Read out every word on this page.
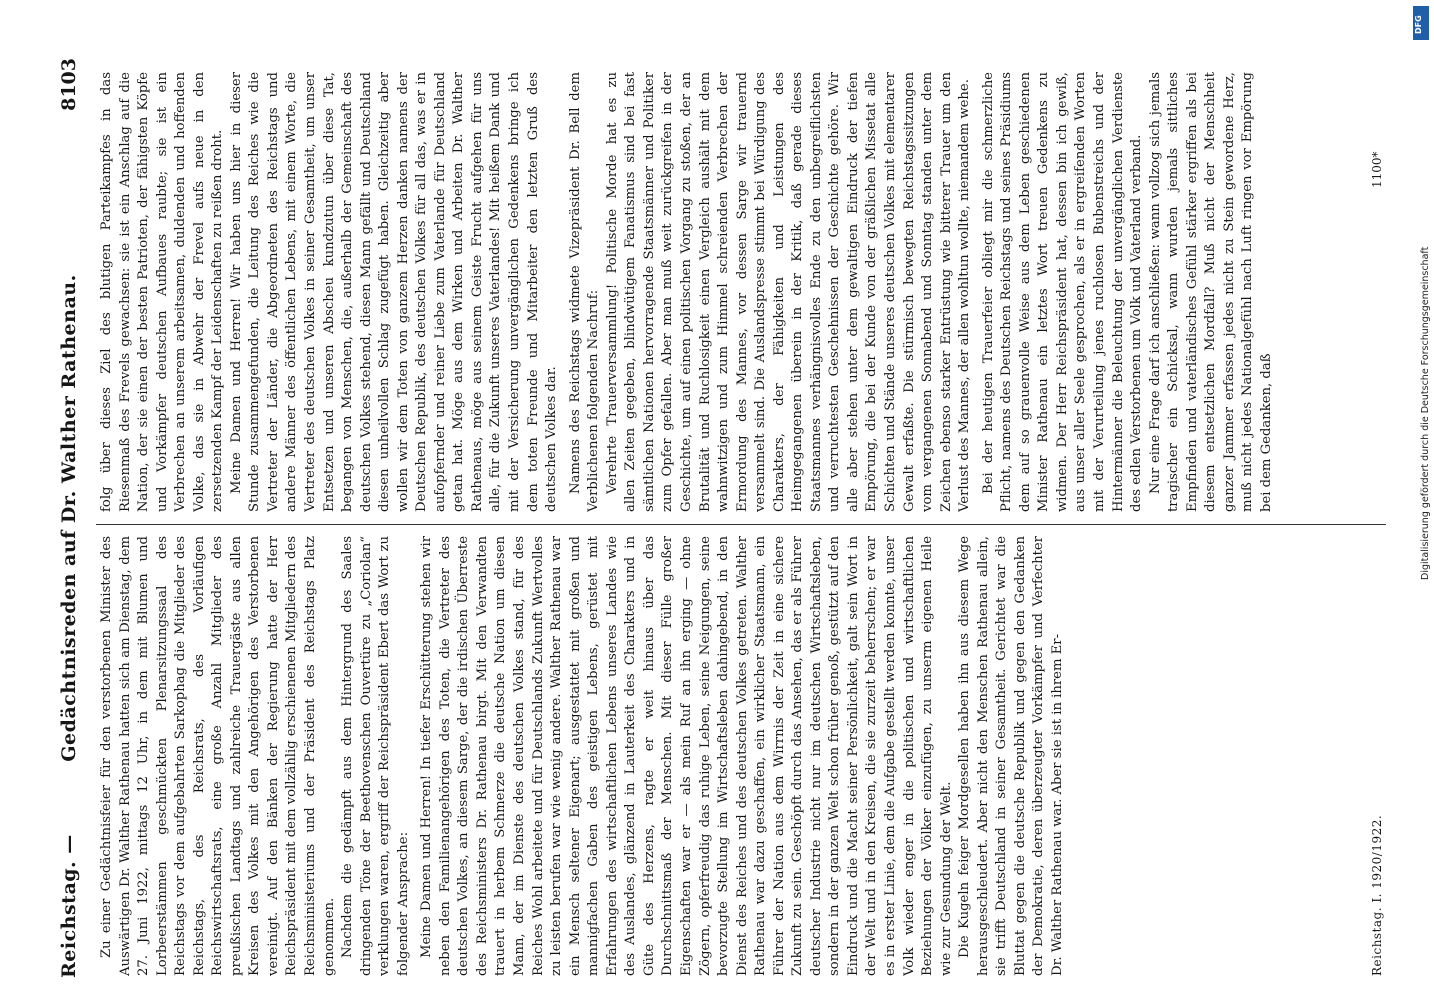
Reichstag. —
Gedächtnisreden auf Dr. Walther Rathenau.
8103

Zu einer Gedächtnisfeier für den verstorbenen Minister des Auswärtigen Dr. Walther Rathenau hatten sich am Dienstag, dem 27. Juni 1922, mittags 12 Uhr, in dem mit Blumen und Lorbeerstämmen geschmückten Plenarsitzungssaal des Reichstags vor dem aufgebahrten Sarkophag die Mitglieder des Reichstags, des Reichsrats, des Vorläufigen Reichswirtschaftsrats, eine große Anzahl Mitglieder des preußischen Landtags und zahlreiche Trauergäste aus allen Kreisen des Volkes mit den Angehörigen des Verstorbenen vereinigt. Auf den Bänken der Regierung hatte der Herr Reichspräsident mit dem vollzählig erschienenen Mitgliedern des Reichsministeriums und der Präsident des Reichstags Platz genommen. Nachdem die gedämpft aus dem Hintergrund des Saales dringenden Töne der Beethovenschen Ouvertüre zu „Coriolan“ verklungen waren, ergriff der Reichspräsident Ebert das Wort zu folgender Ansprache: Meine Damen und Herren! In tiefer Erschütterung stehen wir neben den Familienangehörigen des Toten, die Vertreter des deutschen Volkes, an diesem Sarge, der die irdischen Überreste des Reichsministers Dr. Rathenau birgt. Mit den Verwandten trauert in herbem Schmerze die deutsche Nation um diesen Mann, der im Dienste des deutschen Volkes stand, für des Reiches Wohl arbeitete und für Deutschlands Zukunft Wertvolles zu leisten berufen war wie wenig andere. Walther Rathenau war ein Mensch seltener Eigenart; ausgestattet mit großen und mannigfachen Gaben des geistigen Lebens, gerüstet mit Erfahrungen des wirtschaftlichen Lebens unseres Landes wie des Auslandes, glänzend in Lauterkeit des Charakters und in Güte des Herzens, ragte er weit hinaus über das Durchschnittsmaß der Menschen. Mit dieser Fülle großer Eigenschaften war er — als mein Ruf an ihn erging — ohne Zögern, opferfreudig das ruhige Leben, seine Neigungen, seine bevorzugte Stellung im Wirtschaftsleben dahingebend, in den Dienst des Reiches und des deutschen Volkes getreten. Walther Rathenau war dazu geschaffen, ein wirklicher Staatsmann, ein Führer der Nation aus dem Wirrnis der Zeit in eine sichere Zukunft zu sein. Geschöpft durch das Ansehen, das er als Führer deutscher Industrie nicht nur im deutschen Wirtschaftsleben, sondern in der ganzen Welt schon früher genoß, gestützt auf den Eindruck und die Macht seiner Persönlichkeit, galt sein Wort in der Welt und in den Kreisen, die sie zurzeit beherrschen; er war es in erster Linie, dem die Aufgabe gestellt werden konnte, unser Volk wieder enger in die politischen und wirtschaftlichen Beziehungen der Völker einzufügen, zu unserm eigenen Heile wie zur Gesundung der Welt. Die Kugeln feiger Mordgesellen haben ihn aus diesem Wege herausgeschleudert. Aber nicht den Menschen Rathenau allein, sie trifft Deutschland in seiner Gesamtheit. Gerichtet war die Bluttat gegen die deutsche Republik und gegen den Gedanken der Demokratie, deren überzeugter Vorkämpfer und Verfechter Dr. Walther Rathenau war. Aber sie ist in ihrem Er-

folg über dieses Ziel des blutigen Parteikampfes in das Riesenmaß des Frevels gewachsen: sie ist ein Anschlag auf die Nation, der sie einen der besten Patrioten, der fähigsten Köpfe und Vorkämpfer deutschen Aufbaues raubte; sie ist ein Verbrechen an unserem arbeitsamen, duldenden und hoffenden Volke, das sie in Abwehr der Frevel aufs neue in den zersetzenden Kampf der Leidenschaften zu reißen droht. Meine Damen und Herren! Wir haben uns hier in dieser Stunde zusammengefunden, die Leitung des Reiches wie die Vertreter der Länder, die Abgeordneten des Reichstags und andere Männer des öffentlichen Lebens, mit einem Worte, die Vertreter des deutschen Volkes in seiner Gesamtheit, um unser Entsetzen und unseren Abscheu kundzutun über diese Tat, begangen von Menschen, die, außerhalb der Gemeinschaft des deutschen Volkes stehend, diesen Mann gefällt und Deutschland diesen unheilvollen Schlag zugefügt haben. Gleichzeitig aber wollen wir dem Toten von ganzem Herzen danken namens der Deutschen Republik, des deutschen Volkes für all das, was er in aufopfernder und reiner Liebe zum Vaterlande für Deutschland getan hat. Möge aus dem Wirken und Arbeiten Dr. Walther Rathenaus, möge aus seinem Geiste Frucht aufgehen für uns alle, für die Zukunft unseres Vaterlandes! Mit heißem Dank und mit der Versicherung unvergänglichen Gedenkens bringe ich dem toten Freunde und Mitarbeiter den letzten Gruß des deutschen Volkes dar. Namens des Reichstags widmete Vizepräsident Dr. Bell dem Verblichenen folgenden Nachruf: Verehrte Trauerversammlung! Politische Morde hat es zu allen Zeiten gegeben, blindwütigem Fanatismus sind bei fast sämtlichen Nationen hervorragende Staatsmänner und Politiker zum Opfer gefallen. Aber man muß weit zurückgreifen in der Geschichte, um auf einen politischen Vorgang zu stoßen, der an Brutalität und Ruchlosigkeit einen Vergleich aushält mit dem wahnwitzigen und zum Himmel schreienden Verbrechen der Ermordung des Mannes, vor dessen Sarge wir trauernd versammelt sind. Die Auslandspresse stimmt bei Würdigung des Charakters, der Fähigkeiten und Leistungen des Heimgegangenen überein in der Kritik, daß gerade dieses Staatsmannes verhängnisvolles Ende zu den unbegreiflichsten und verruchtesten Geschehnissen der Geschichte gehöre. Wir alle aber stehen unter dem gewaltigen Eindruck der tiefen Empörung, die bei der Kunde von der gräßlichen Missetat alle Schichten und Stände unseres deutschen Volkes mit elementarer Gewalt erfaßte. Die stürmisch bewegten Reichstagssitzungen vom vergangenen Sonnabend und Sonntag standen unter dem Zeichen ebenso starker Entrüstung wie bitterer Trauer um den Verlust des Mannes, der allen wohltun wollte, niemandem wehe. Bei der heutigen Trauerfeier obliegt mir die schmerzliche Pflicht, namens des Deutschen Reichstags und seines Präsidiums dem auf so grauenvolle Weise aus dem Leben geschiedenen Minister Rathenau ein letztes Wort treuen Gedenkens zu widmen. Der Herr Reichspräsident hat, dessen bin ich gewiß, aus unser aller Seele gesprochen, als er in ergreifenden Worten mit der Verurteilung jenes ruchlosen Bubenstreichs und der Hintermänner die Beleuchtung der unvergänglichen Verdienste des edlen Verstorbenen um Volk und Vaterland verband. Nur eine Frage darf ich anschließen: wann vollzog sich jemals tragischer ein Schicksal, wann wurden jemals sittliches Empfinden und vaterländisches Gefühl stärker ergriffen als bei diesem entsetzlichen Mordfall? Muß nicht der Menschheit ganzer Jammer erfassen jedes nicht zu Stein gewordene Herz, muß nicht jedes Nationalgefühl nach Luft ringen vor Empörung bei dem Gedanken, daß

Reichstag. I. 1920/1922.
1100*
DFG
Digitalisierung gefördert durch die Deutsche Forschungsgemeinschaft
